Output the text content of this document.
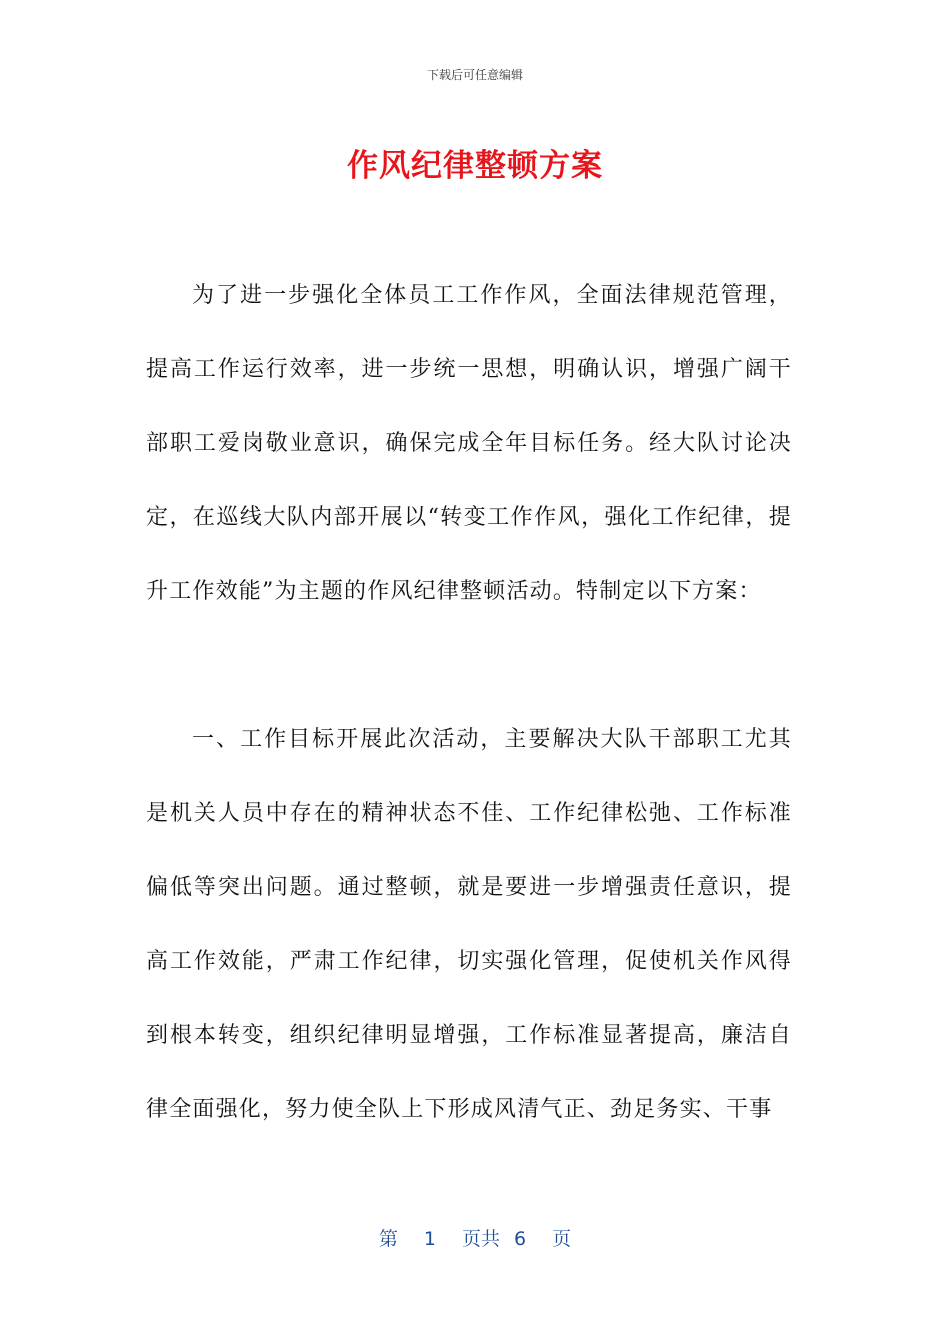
下载后可任意编辑
作风纪律整顿方案

为了进一步强化全体员工工作作风，全面法律规范管理，提高工作运行效率，进一步统一思想，明确认识，增强广阔干部职工爱岗敬业意识，确保完成全年目标任务。经大队讨论决定，在巡线大队内部开展以“转变工作作风，强化工作纪律，提升工作效能”为主题的作风纪律整顿活动。特制定以下方案：

一、工作目标开展此次活动，主要解决大队干部职工尤其是机关人员中存在的精神状态不佳、工作纪律松弛、工作标准偏低等突出问题。通过整顿，就是要进一步增强责任意识，提高工作效能，严肃工作纪律，切实强化管理，促使机关作风得到根本转变，组织纪律明显增强，工作标准显著提高，廉洁自律全面强化，努力使全队上下形成风清气正、劲足务实、干事

第 1 页共 6 页
